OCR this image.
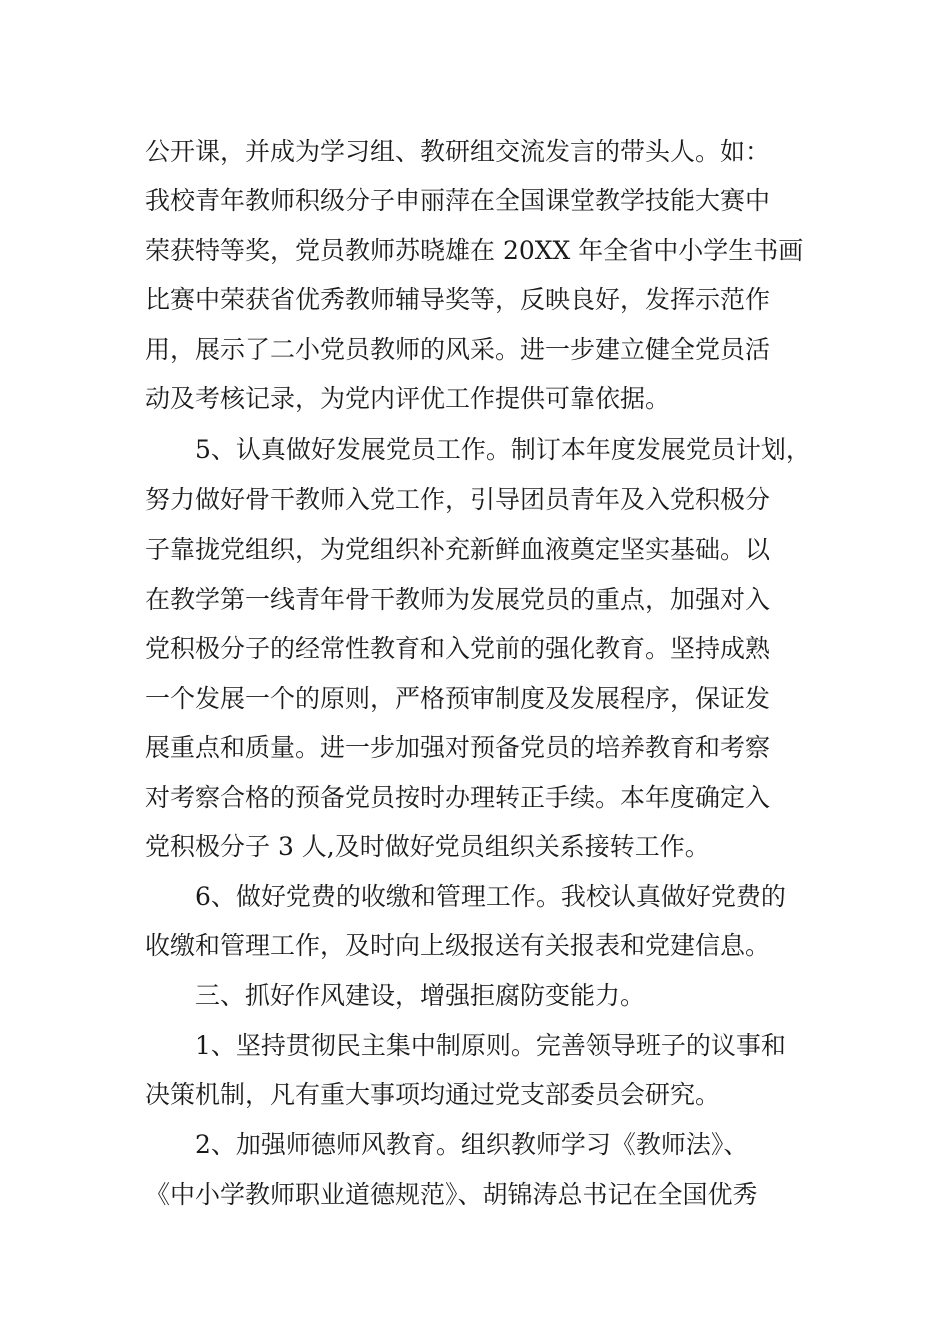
公开课，并成为学习组、教研组交流发言的带头人。如：
我校青年教师积级分子申丽萍在全国课堂教学技能大赛中
荣获特等奖，党员教师苏晓雄在 20XX 年全省中小学生书画
比赛中荣获省优秀教师辅导奖等，反映良好，发挥示范作
用，展示了二小党员教师的风采。进一步建立健全党员活
动及考核记录，为党内评优工作提供可靠依据。
5、认真做好发展党员工作。制订本年度发展党员计划，
努力做好骨干教师入党工作，引导团员青年及入党积极分
子靠拢党组织，为党组织补充新鲜血液奠定坚实基础。以
在教学第一线青年骨干教师为发展党员的重点，加强对入
党积极分子的经常性教育和入党前的强化教育。坚持成熟
一个发展一个的原则，严格预审制度及发展程序，保证发
展重点和质量。进一步加强对预备党员的培养教育和考察
对考察合格的预备党员按时办理转正手续。本年度确定入
党积极分子 3 人,及时做好党员组织关系接转工作。
6、做好党费的收缴和管理工作。我校认真做好党费的
收缴和管理工作，及时向上级报送有关报表和党建信息。
三、抓好作风建设，增强拒腐防变能力。
1、坚持贯彻民主集中制原则。完善领导班子的议事和
决策机制，凡有重大事项均通过党支部委员会研究。
2、加强师德师风教育。组织教师学习《教师法》、
《中小学教师职业道德规范》、胡锦涛总书记在全国优秀
